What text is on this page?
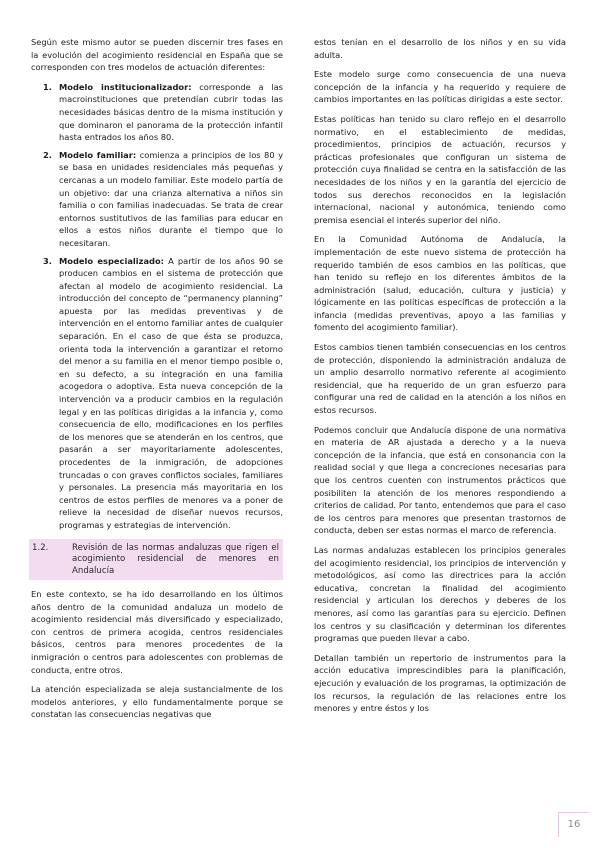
Según este mismo autor se pueden discernir tres fases en la evolución del acogimiento residencial en España que se corresponden con tres modelos de actuación diferentes:

1. Modelo institucionalizador: corresponde a las macroinstituciones que pretendían cubrir todas las necesidades básicas dentro de la misma institución y que dominaron el panorama de la protección infantil hasta entrados los años 80.
2. Modelo familiar: comienza a principios de los 80 y se basa en unidades residenciales más pequeñas y cercanas a un modelo familiar. Este modelo partía de un objetivo: dar una crianza alternativa a niños sin familia o con familias inadecuadas. Se trata de crear entornos sustitutivos de las familias para educar en ellos a estos niños durante el tiempo que lo necesitaran.
3. Modelo especializado: A partir de los años 90 se producen cambios en el sistema de protección que afectan al modelo de acogimiento residencial. La introducción del concepto de “permanency planning” apuesta por las medidas preventivas y de intervención en el entorno familiar antes de cualquier separación. En el caso de que ésta se produzca, orienta toda la intervención a garantizar el retorno del menor a su familia en el menor tiempo posible o, en su defecto, a su integración en una familia acogedora o adoptiva. Esta nueva concepción de la intervención va a producir cambios en la regulación legal y en las políticas dirigidas a la infancia y, como consecuencia de ello, modificaciones en los perfiles de los menores que se atenderán en los centros, que pasarán a ser mayoritariamente adolescentes, procedentes de la inmigración, de adopciones truncadas o con graves conflictos sociales, familiares y personales. La presencia más mayoritaria en los centros de estos perfiles de menores va a poner de relieve la necesidad de diseñar nuevos recursos, programas y estrategias de intervención.
1.2.	Revisión de las normas andaluzas que rigen el acogimiento residencial de menores en Andalucía

En este contexto, se ha ido desarrollando en los últimos años dentro de la comunidad andaluza un modelo de acogimiento residencial más diversificado y especializado, con centros de primera acogida, centros residenciales básicos, centros para menores procedentes de la inmigración o centros para adolescentes con problemas de conducta, entre otros.

La atención especializada se aleja sustancialmente de los modelos anteriores, y ello fundamentalmente porque se constatan las consecuencias negativas que

estos tenían en el desarrollo de los niños y en su vida adulta.

Este modelo surge como consecuencia de una nueva concepción de la infancia y ha requerido y requiere de cambios importantes en las políticas dirigidas a este sector.

Estas políticas han tenido su claro reflejo en el desarrollo normativo, en el establecimiento de medidas, procedimientos, principios de actuación, recursos y prácticas profesionales que configuran un sistema de protección cuya finalidad se centra en la satisfacción de las necesidades de los niños y en la garantía del ejercicio de todos sus derechos reconocidos en la legislación internacional, nacional y autonómica, teniendo como premisa esencial el interés superior del niño.

En la Comunidad Autónoma de Andalucía, la implementación de este nuevo sistema de protección ha requerido también de esos cambios en las políticas, que han tenido su reflejo en los diferentes ámbitos de la administración (salud, educación, cultura y justicia) y lógicamente en las políticas específicas de protección a la infancia (medidas preventivas, apoyo a las familias y fomento del acogimiento familiar).

Estos cambios tienen también consecuencias en los centros de protección, disponiendo la administración andaluza de un amplio desarrollo normativo referente al acogimiento residencial, que ha requerido de un gran esfuerzo para configurar una red de calidad en la atención a los niños en estos recursos.

Podemos concluir que Andalucía dispone de una normativa en materia de AR ajustada a derecho y a la nueva concepción de la infancia, que está en consonancia con la realidad social y que llega a concreciones necesarias para que los centros cuenten con instrumentos prácticos que posibiliten la atención de los menores respondiendo a criterios de calidad. Por tanto, entendemos que para el caso de los centros para menores que presentan trastornos de conducta, deben ser estas normas el marco de referencia.

Las normas andaluzas establecen los principios generales del acogimiento residencial, los principios de intervención y metodológicos, así como las directrices para la acción educativa, concretan la finalidad del acogimiento residencial y articulan los derechos y deberes de los menores, así como las garantías para su ejercicio. Definen los centros y su clasificación y determinan los diferentes programas que pueden llevar a cabo.

Detallan también un repertorio de instrumentos para la acción educativa imprescindibles para la planificación, ejecución y evaluación de los programas, la optimización de los recursos, la regulación de las relaciones entre los menores y entre éstos y los

16
